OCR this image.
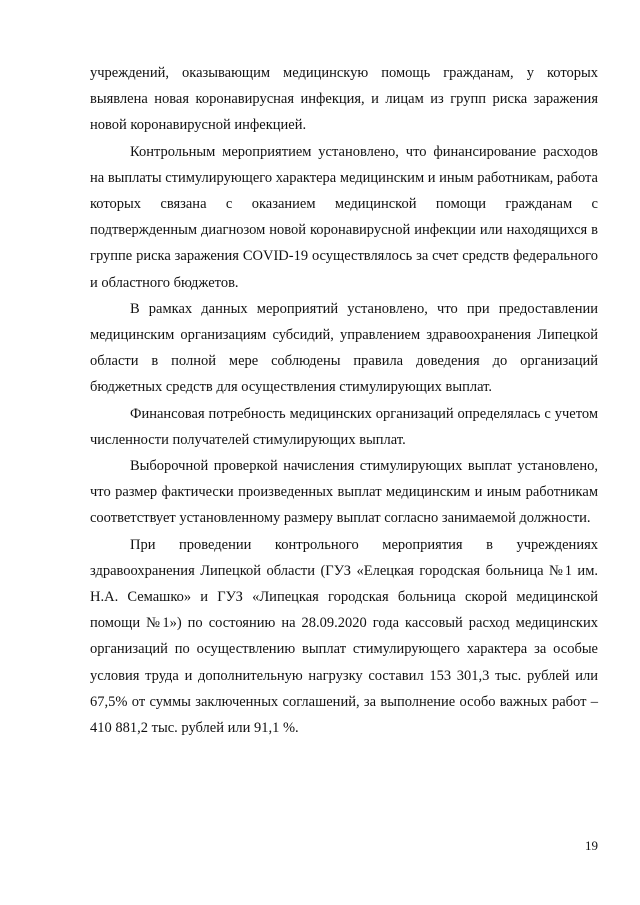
учреждений, оказывающим медицинскую помощь гражданам, у которых выявлена новая коронавирусная инфекция, и лицам из групп риска заражения новой коронавирусной инфекцией.

Контрольным мероприятием установлено, что финансирование расходов на выплаты стимулирующего характера медицинским и иным работникам, работа которых связана с оказанием медицинской помощи гражданам с подтвержденным диагнозом новой коронавирусной инфекции или находящихся в группе риска заражения COVID-19 осуществлялось за счет средств федерального и областного бюджетов.

В рамках данных мероприятий установлено, что при предоставлении медицинским организациям субсидий, управлением здравоохранения Липецкой области в полной мере соблюдены правила доведения до организаций бюджетных средств для осуществления стимулирующих выплат.

Финансовая потребность медицинских организаций определялась с учетом численности получателей стимулирующих выплат.

Выборочной проверкой начисления стимулирующих выплат установлено, что размер фактически произведенных выплат медицинским и иным работникам соответствует установленному размеру выплат согласно занимаемой должности.

При проведении контрольного мероприятия в учреждениях здравоохранения Липецкой области (ГУЗ «Елецкая городская больница №1 им. Н.А. Семашко» и ГУЗ «Липецкая городская больница скорой медицинской помощи №1») по состоянию на 28.09.2020 года кассовый расход медицинских организаций по осуществлению выплат стимулирующего характера за особые условия труда и дополнительную нагрузку составил 153 301,3 тыс. рублей или 67,5% от суммы заключенных соглашений, за выполнение особо важных работ – 410 881,2 тыс. рублей или 91,1 %.

19
